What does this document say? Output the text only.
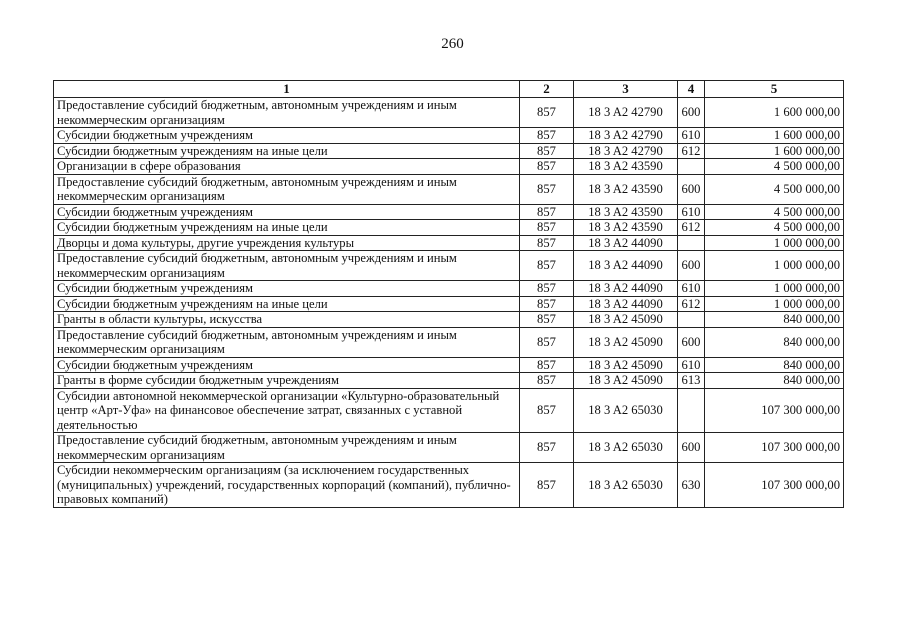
260
1	2	3	4	5
Предоставление субсидий бюджетным, автономным учреждениям и иным некоммерческим организациям	857	18 3 A2 42790	600	1 600 000,00
Субсидии бюджетным учреждениям	857	18 3 A2 42790	610	1 600 000,00
Субсидии бюджетным учреждениям на иные цели	857	18 3 A2 42790	612	1 600 000,00
Организации в сфере образования	857	18 3 A2 43590		4 500 000,00
Предоставление субсидий бюджетным, автономным учреждениям и иным некоммерческим организациям	857	18 3 A2 43590	600	4 500 000,00
Субсидии бюджетным учреждениям	857	18 3 A2 43590	610	4 500 000,00
Субсидии бюджетным учреждениям на иные цели	857	18 3 A2 43590	612	4 500 000,00
Дворцы и дома культуры, другие учреждения культуры	857	18 3 A2 44090		1 000 000,00
Предоставление субсидий бюджетным, автономным учреждениям и иным некоммерческим организациям	857	18 3 A2 44090	600	1 000 000,00
Субсидии бюджетным учреждениям	857	18 3 A2 44090	610	1 000 000,00
Субсидии бюджетным учреждениям на иные цели	857	18 3 A2 44090	612	1 000 000,00
Гранты в области культуры, искусства	857	18 3 A2 45090		840 000,00
Предоставление субсидий бюджетным, автономным учреждениям и иным некоммерческим организациям	857	18 3 A2 45090	600	840 000,00
Субсидии бюджетным учреждениям	857	18 3 A2 45090	610	840 000,00
Гранты в форме субсидии бюджетным учреждениям	857	18 3 A2 45090	613	840 000,00
Субсидии автономной некоммерческой организации «Культурно-образовательный центр «Арт-Уфа» на финансовое обеспечение затрат, связанных с уставной деятельностью	857	18 3 A2 65030		107 300 000,00
Предоставление субсидий бюджетным, автономным учреждениям и иным некоммерческим организациям	857	18 3 A2 65030	600	107 300 000,00
Субсидии некоммерческим организациям (за исключением государственных (муниципальных) учреждений, государственных корпораций (компаний), публично-правовых компаний)	857	18 3 A2 65030	630	107 300 000,00
